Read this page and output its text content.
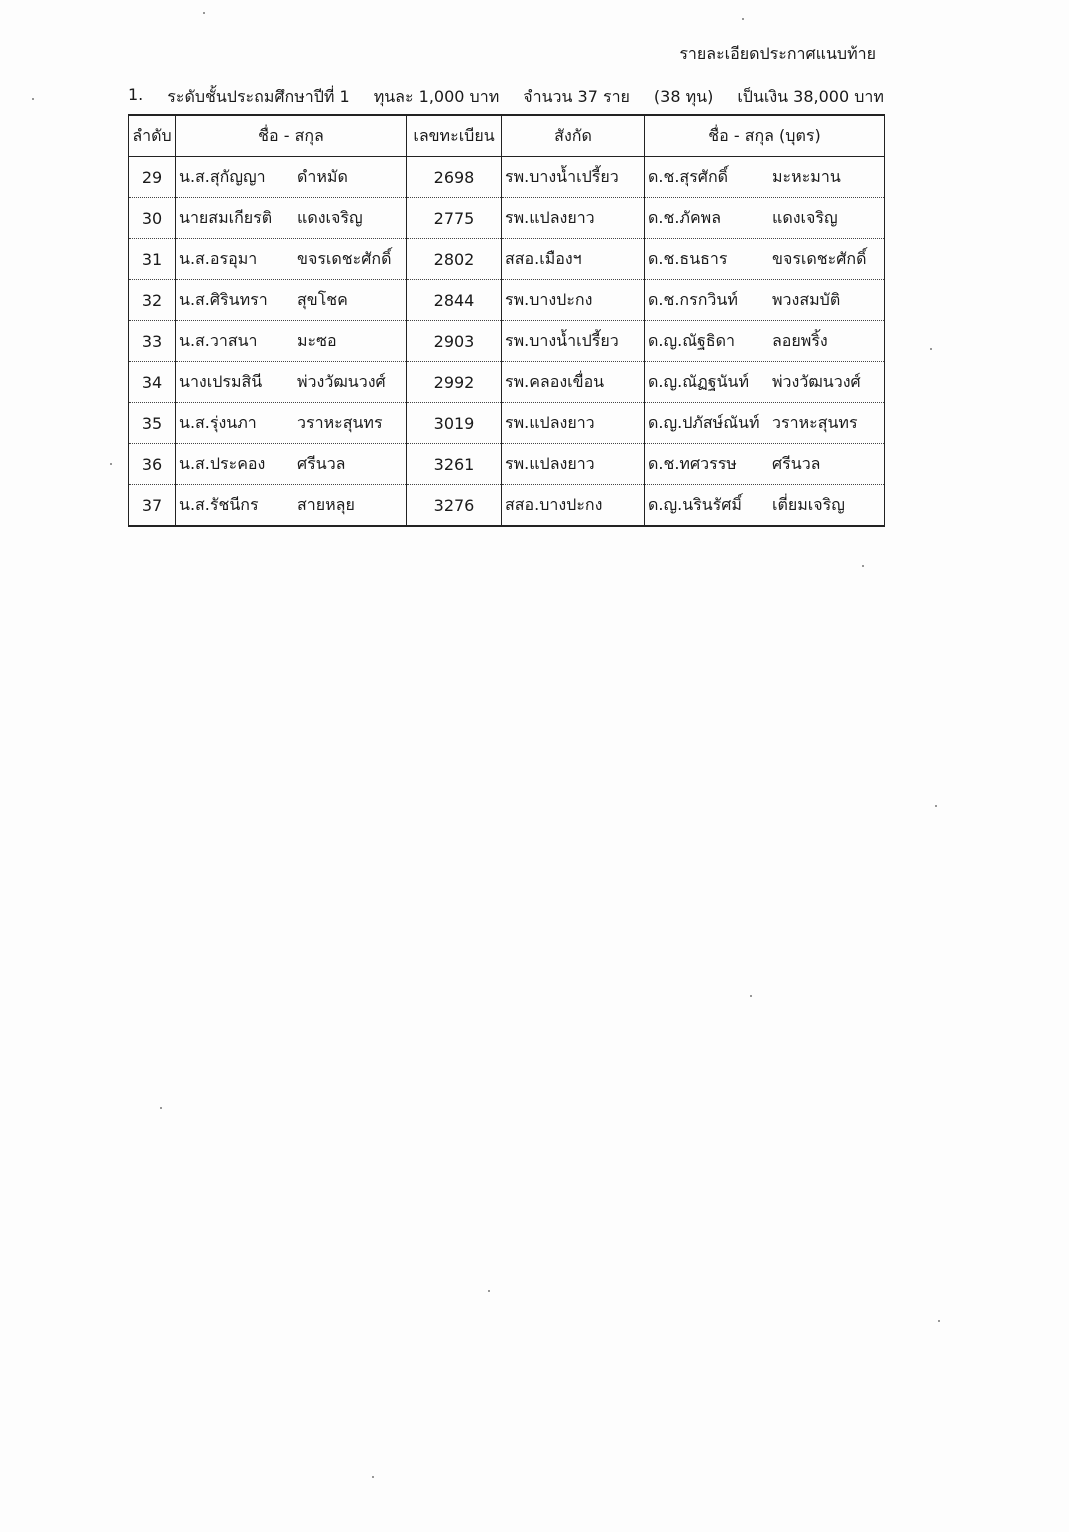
รายละเอียดประกาศแนบท้าย
1. ระดับชั้นประถมศึกษาปีที่ 1 ทุนละ 1,000 บาท จำนวน 37 ราย (38 ทุน) เป็นเงิน 38,000 บาท
ลำดับ	ชื่อ - สกุล	เลขทะเบียน	สังกัด	ชื่อ - สกุล (บุตร)
29	น.ส.สุกัญญา ดำหมัด	2698	รพ.บางน้ำเปรี้ยว	ด.ช.สุรศักดิ์ มะหะมาน
30	นายสมเกียรติ แดงเจริญ	2775	รพ.แปลงยาว	ด.ช.ภัคพล แดงเจริญ
31	น.ส.อรอุมา ขจรเดชะศักดิ์	2802	สสอ.เมืองฯ	ด.ช.ธนธาร ขจรเดชะศักดิ์
32	น.ส.ศิรินทรา สุขโชค	2844	รพ.บางปะกง	ด.ช.กรกวินท์ พวงสมบัติ
33	น.ส.วาสนา มะซอ	2903	รพ.บางน้ำเปรี้ยว	ด.ญ.ณัฐธิดา ลอยพริ้ง
34	นางเปรมสินี พ่วงวัฒนวงศ์	2992	รพ.คลองเขื่อน	ด.ญ.ณัฏฐนันท์ พ่วงวัฒนวงศ์
35	น.ส.รุ่งนภา วราหะสุนทร	3019	รพ.แปลงยาว	ด.ญ.ปภัสษ์ณันท์ วราหะสุนทร
36	น.ส.ประคอง ศรีนวล	3261	รพ.แปลงยาว	ด.ช.ทศวรรษ ศรีนวล
37	น.ส.รัชนีกร สายหลุย	3276	สสอ.บางปะกง	ด.ญ.นรินรัศมิ์ เตี่ยมเจริญ
